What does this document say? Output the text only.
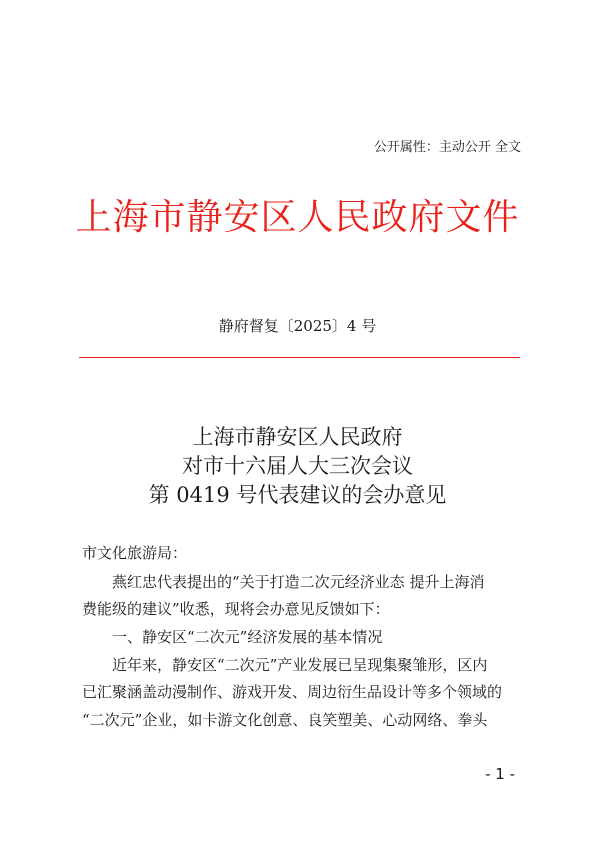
公开属性：主动公开 全文
上海市静安区人民政府文件
静府督复〔2025〕4 号
上海市静安区人民政府
对市十六届人大三次会议
第 0419 号代表建议的会办意见
市文化旅游局：
燕红忠代表提出的“关于打造二次元经济业态 提升上海消
费能级的建议”收悉，现将会办意见反馈如下：
一、静安区“二次元”经济发展的基本情况
近年来，静安区“二次元”产业发展已呈现集聚雏形，区内
已汇聚涵盖动漫制作、游戏开发、周边衍生品设计等多个领域的
“二次元”企业，如卡游文化创意、良笑塑美、心动网络、拳头
- 1 -
